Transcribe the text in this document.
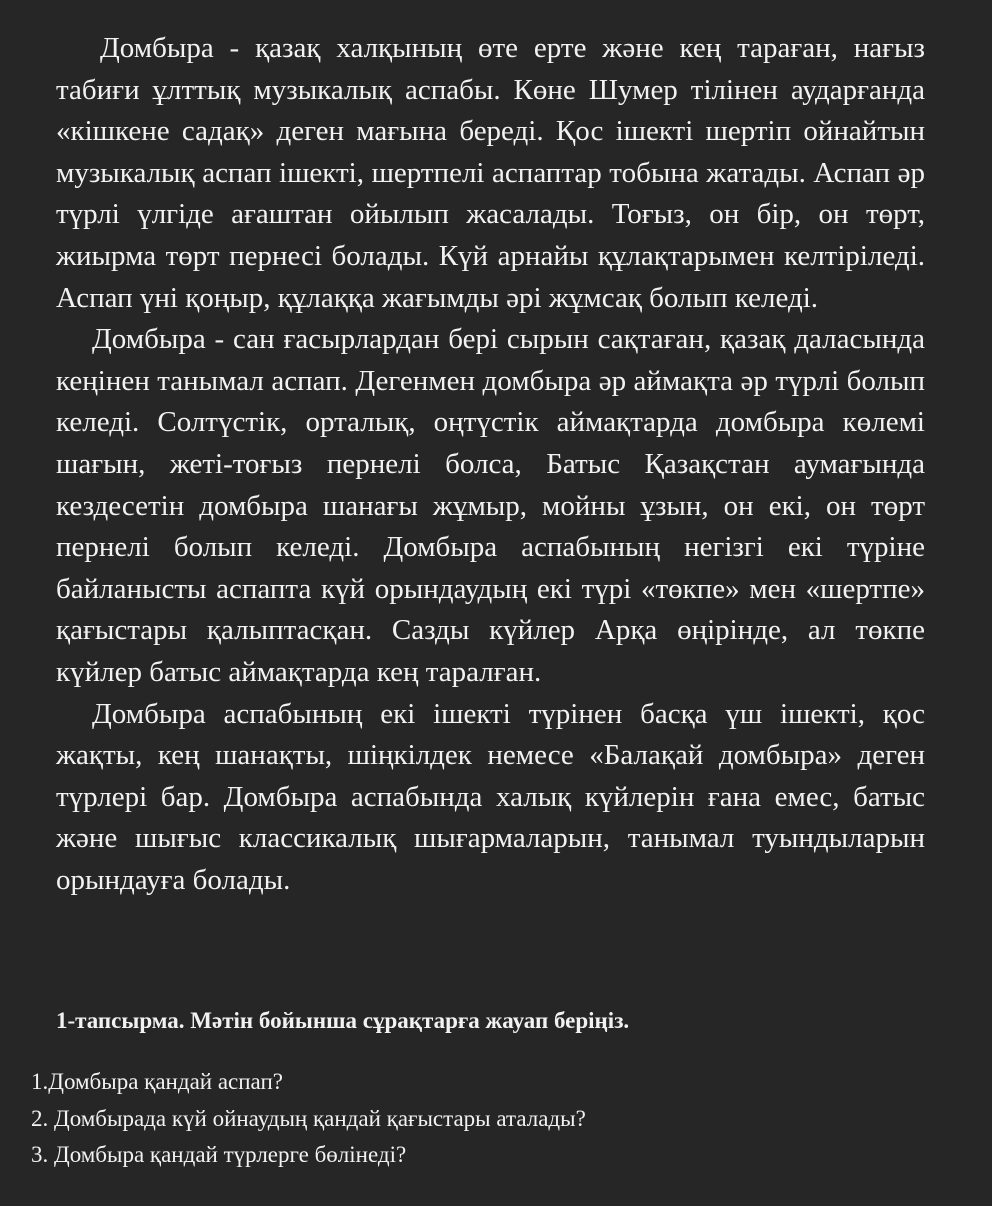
Домбыра - қазақ халқының өте ерте және кең тараған, нағыз табиғи ұлттық музыкалық аспабы. Көне Шумер тілінен аударғанда «кішкене садақ» деген мағына береді. Қос ішекті шертіп ойнайтын музыкалық аспап ішекті, шертпелі аспаптар тобына жатады. Аспап әр түрлі үлгіде ағаштан ойылып жасалады. Тоғыз, он бір, он төрт, жиырма төрт пернесі болады. Күй арнайы құлақтарымен келтіріледі. Аспап үні қоңыр, құлаққа жағымды әрі жұмсақ болып келеді.

Домбыра - сан ғасырлардан бері сырын сақтаған, қазақ даласында кеңінен танымал аспап. Дегенмен домбыра әр аймақта әр түрлі болып келеді. Солтүстік, орталық, оңтүстік аймақтарда домбыра көлемі шағын, жеті-тоғыз пернелі болса, Батыс Қазақстан аумағында кездесетін домбыра шанағы жұмыр, мойны ұзын, он екі, он төрт пернелі болып келеді. Домбыра аспабының негізгі екі түріне байланысты аспапта күй орындаудың екі түрі «төкпе» мен «шертпе» қағыстары қалыптасқан. Сазды күйлер Арқа өңірінде, ал төкпе күйлер батыс аймақтарда кең таралған.

Домбыра аспабының екі ішекті түрінен басқа үш ішекті, қос жақты, кең шанақты, шіңкілдек немесе «Балақай домбыра» деген түрлері бар. Домбыра аспабында халық күйлерін ғана емес, батыс және шығыс классикалық шығармаларын, танымал туындыларын орындауға болады.

1-тапсырма. Мәтін бойынша сұрақтарға жауап беріңіз.

1.Домбыра қандай аспап?
2. Домбырада күй ойнаудың қандай қағыстары аталады?
3. Домбыра қандай түрлерге бөлінеді?
